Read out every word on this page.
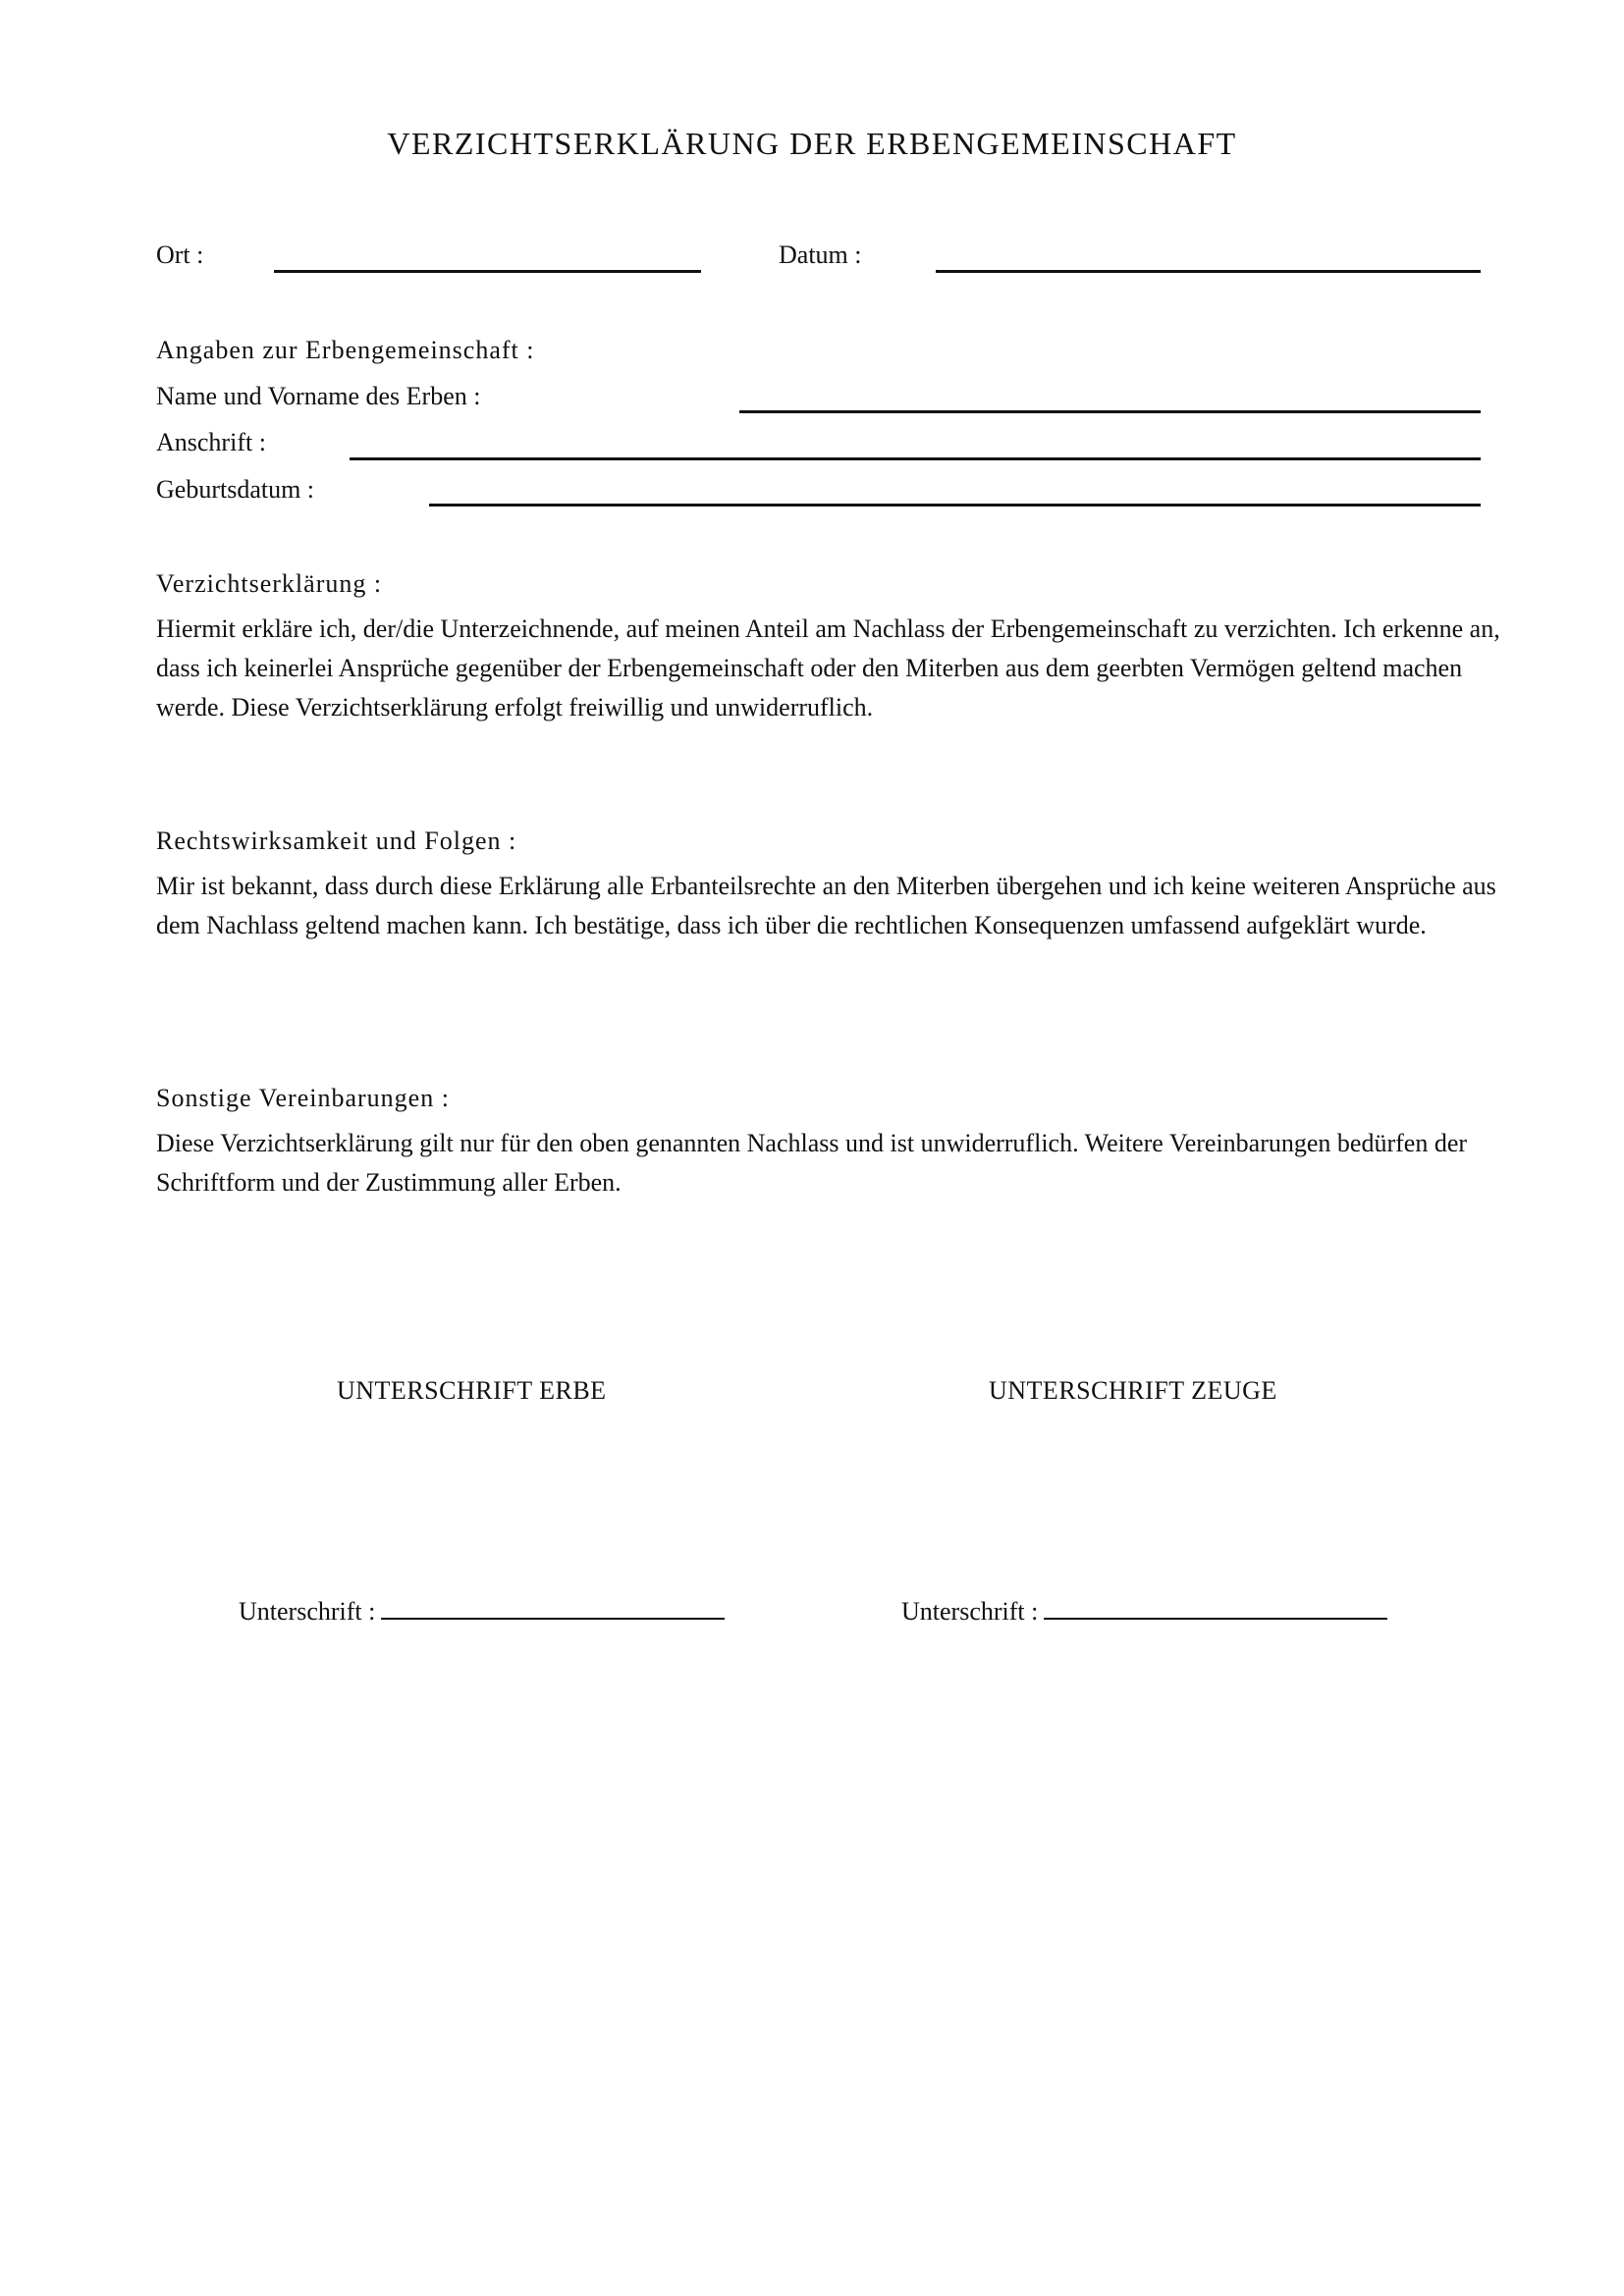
VERZICHTSERKLÄRUNG DER ERBENGEMEINSCHAFT
Ort :	Datum :
Angaben zur Erbengemeinschaft :
Name und Vorname des Erben :
Anschrift :
Geburtsdatum :
Verzichtserklärung :
Hiermit erkläre ich, der/die Unterzeichnende, auf meinen Anteil am Nachlass der Erbengemeinschaft zu verzichten. Ich erkenne an, dass ich keinerlei Ansprüche gegenüber der Erbengemeinschaft oder den Miterben aus dem geerbten Vermögen geltend machen werde. Diese Verzichtserklärung erfolgt freiwillig und unwiderruflich.
Rechtswirksamkeit und Folgen :
Mir ist bekannt, dass durch diese Erklärung alle Erbanteilsrechte an den Miterben übergehen und ich keine weiteren Ansprüche aus dem Nachlass geltend machen kann. Ich bestätige, dass ich über die rechtlichen Konsequenzen umfassend aufgeklärt wurde.
Sonstige Vereinbarungen :
Diese Verzichtserklärung gilt nur für den oben genannten Nachlass und ist unwiderruflich. Weitere Vereinbarungen bedürfen der Schriftform und der Zustimmung aller Erben.
UNTERSCHRIFT ERBE	UNTERSCHRIFT ZEUGE
Unterschrift :	Unterschrift :
